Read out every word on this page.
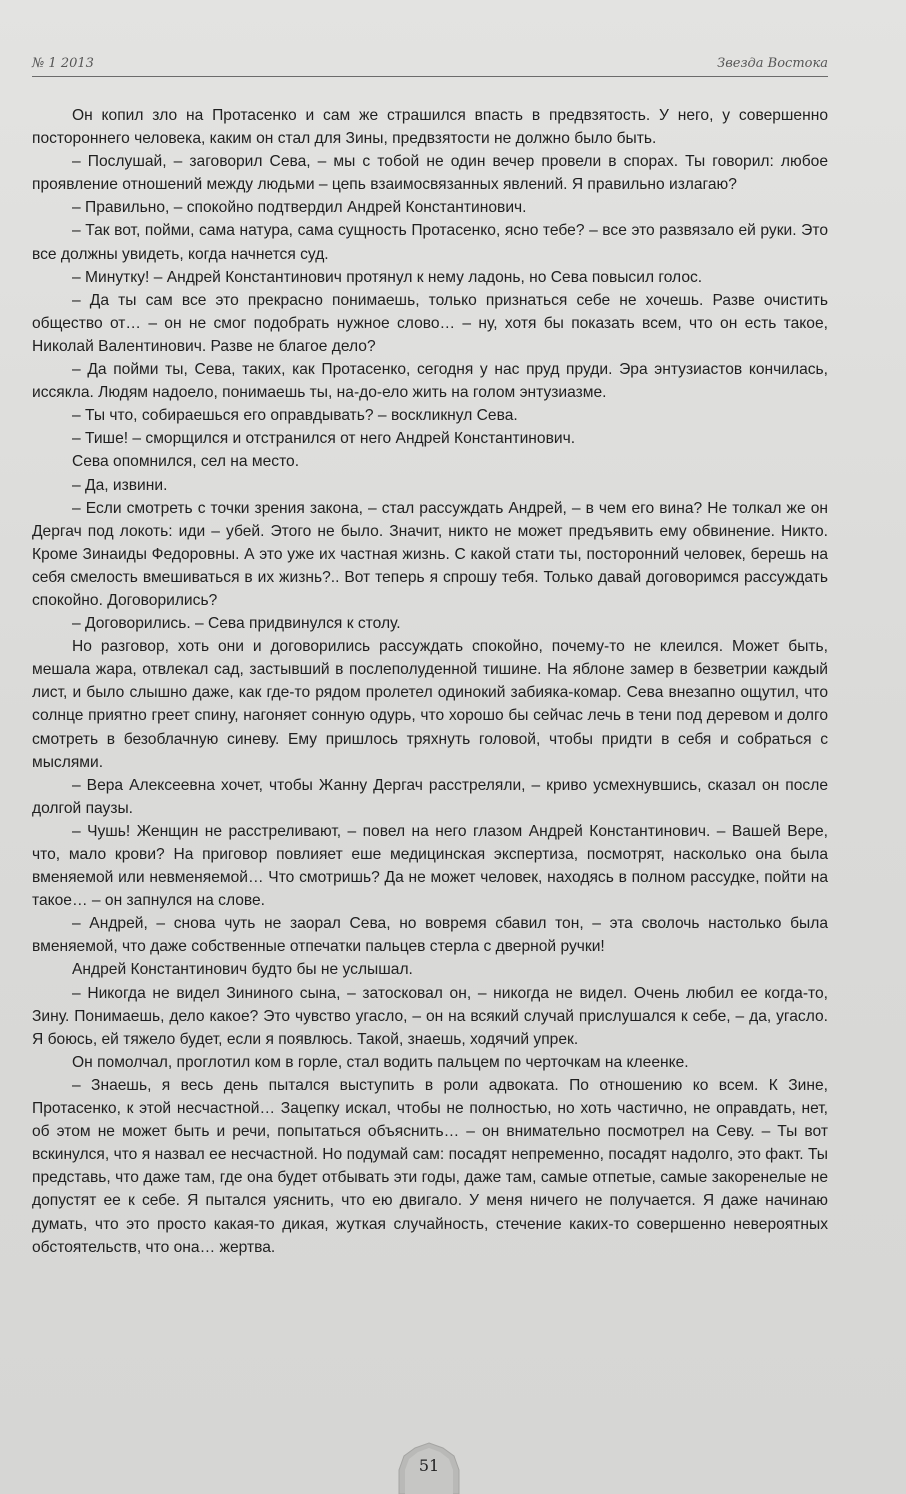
№ 1 2013	Звезда Востока

Он копил зло на Протасенко и сам же страшился впасть в предвзятость. У него, у совершенно постороннего человека, каким он стал для Зины, предвзятости не должно было быть.

– Послушай, – заговорил Сева, – мы с тобой не один вечер провели в спорах. Ты говорил: любое проявление отношений между людьми – цепь взаимосвязанных явлений. Я правильно излагаю?

– Правильно, – спокойно подтвердил Андрей Константинович.

– Так вот, пойми, сама натура, сама сущность Протасенко, ясно тебе? – все это развязало ей руки. Это все должны увидеть, когда начнется суд.

– Минутку! – Андрей Константинович протянул к нему ладонь, но Сева повысил голос.

– Да ты сам все это прекрасно понимаешь, только признаться себе не хочешь. Разве очистить общество от… – он не смог подобрать нужное слово… – ну, хотя бы показать всем, что он есть такое, Николай Валентинович. Разве не благое дело?

– Да пойми ты, Сева, таких, как Протасенко, сегодня у нас пруд пруди. Эра энтузиастов кончилась, иссякла. Людям надоело, понимаешь ты, на-до-ело жить на голом энтузиазме.

– Ты что, собираешься его оправдывать? – воскликнул Сева.

– Тише! – сморщился и отстранился от него Андрей Константинович.

Сева опомнился, сел на место.

– Да, извини.

– Если смотреть с точки зрения закона, – стал рассуждать Андрей, – в чем его вина? Не толкал же он Дергач под локоть: иди – убей. Этого не было. Значит, никто не может предъявить ему обвинение. Никто. Кроме Зинаиды Федоровны. А это уже их частная жизнь. С какой стати ты, посторонний человек, берешь на себя смелость вмешиваться в их жизнь?.. Вот теперь я спрошу тебя. Только давай договоримся рассуждать спокойно. Договорились?

– Договорились. – Сева придвинулся к столу.

Но разговор, хоть они и договорились рассуждать спокойно, почему-то не клеился. Может быть, мешала жара, отвлекал сад, застывший в послеполуденной тишине. На яблоне замер в безветрии каждый лист, и было слышно даже, как где-то рядом пролетел одинокий забияка-комар. Сева внезапно ощутил, что солнце приятно греет спину, нагоняет сонную одурь, что хорошо бы сейчас лечь в тени под деревом и долго смотреть в безоблачную синеву. Ему пришлось тряхнуть головой, чтобы придти в себя и собраться с мыслями.

– Вера Алексеевна хочет, чтобы Жанну Дергач расстреляли, – криво усмехнувшись, сказал он после долгой паузы.

– Чушь! Женщин не расстреливают, – повел на него глазом Андрей Константинович. – Вашей Вере, что, мало крови? На приговор повлияет еше медицинская экспертиза, посмотрят, насколько она была вменяемой или невменяемой… Что смотришь? Да не может человек, находясь в полном рассудке, пойти на такое… – он запнулся на слове.

– Андрей, – снова чуть не заорал Сева, но вовремя сбавил тон, – эта сволочь настолько была вменяемой, что даже собственные отпечатки пальцев стерла с дверной ручки!

Андрей Константинович будто бы не услышал.

– Никогда не видел Зининого сына, – затосковал он, – никогда не видел. Очень любил ее когда-то, Зину. Понимаешь, дело какое? Это чувство угасло, – он на всякий случай прислушался к себе, – да, угасло. Я боюсь, ей тяжело будет, если я появлюсь. Такой, знаешь, ходячий упрек.

Он помолчал, проглотил ком в горле, стал водить пальцем по черточкам на клеенке.

– Знаешь, я весь день пытался выступить в роли адвоката. По отношению ко всем. К Зине, Протасенко, к этой несчастной… Зацепку искал, чтобы не полностью, но хоть частично, не оправдать, нет, об этом не может быть и речи, попытаться объяснить… – он внимательно посмотрел на Севу. – Ты вот вскинулся, что я назвал ее несчастной. Но подумай сам: посадят непременно, посадят надолго, это факт. Ты представь, что даже там, где она будет отбывать эти годы, даже там, самые отпетые, самые закоренелые не допустят ее к себе. Я пытался уяснить, что ею двигало. У меня ничего не получается. Я даже начинаю думать, что это просто какая-то дикая, жуткая случайность, стечение каких-то совершенно невероятных обстоятельств, что она… жертва.

51
